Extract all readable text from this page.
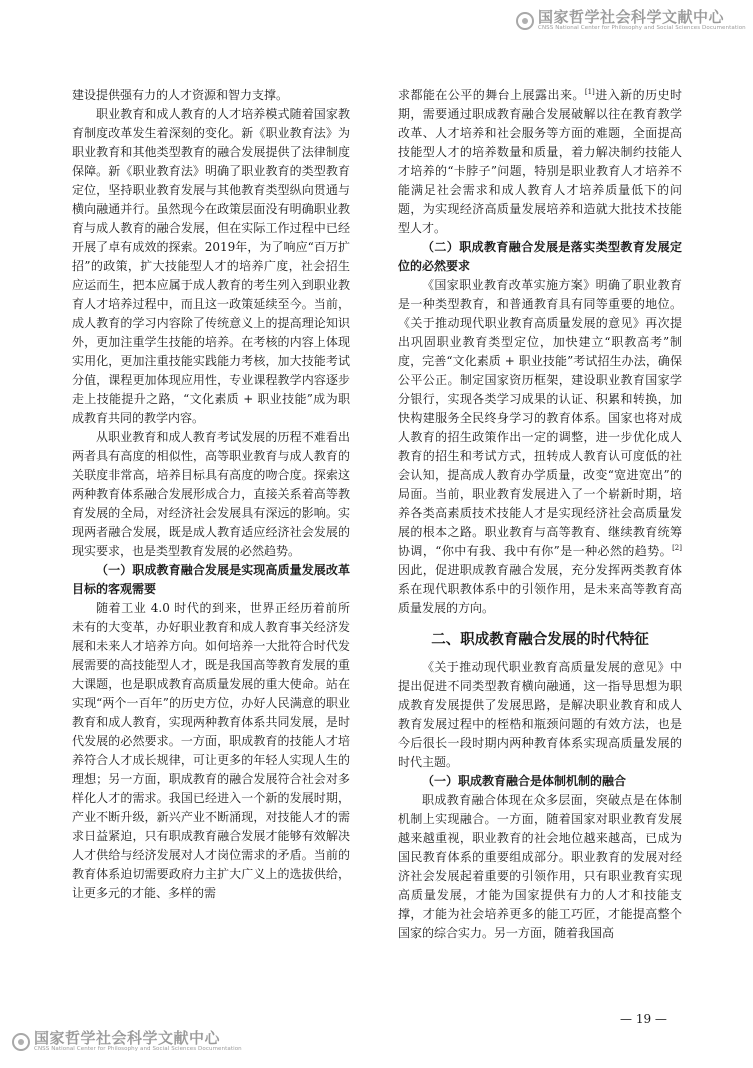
国家哲学社会科学文献中心
CNSS National Center for Philosophy and Social Sciences Documentation

建设提供强有力的人才资源和智力支撑。

职业教育和成人教育的人才培养模式随着国家教育制度改革发生着深刻的变化。新《职业教育法》为职业教育和其他类型教育的融合发展提供了法律制度保障。新《职业教育法》明确了职业教育的类型教育定位，坚持职业教育发展与其他教育类型纵向贯通与横向融通并行。虽然现今在政策层面没有明确职业教育与成人教育的融合发展，但在实际工作过程中已经开展了卓有成效的探索。2019年，为了响应“百万扩招”的政策，扩大技能型人才的培养广度，社会招生应运而生，把本应属于成人教育的考生列入到职业教育人才培养过程中，而且这一政策延续至今。当前，成人教育的学习内容除了传统意义上的提高理论知识外，更加注重学生技能的培养。在考核的内容上体现实用化，更加注重技能实践能力考核，加大技能考试分值，课程更加体现应用性，专业课程教学内容逐步走上技能提升之路，“文化素质 + 职业技能”成为职成教育共同的教学内容。

从职业教育和成人教育考试发展的历程不难看出两者具有高度的相似性，高等职业教育与成人教育的关联度非常高，培养目标具有高度的吻合度。探索这两种教育体系融合发展形成合力，直接关系着高等教育发展的全局，对经济社会发展具有深远的影响。实现两者融合发展，既是成人教育适应经济社会发展的现实要求，也是类型教育发展的必然趋势。

（一）职成教育融合发展是实现高质量发展改革目标的客观需要

随着工业 4.0 时代的到来，世界正经历着前所未有的大变革，办好职业教育和成人教育事关经济发展和未来人才培养方向。如何培养一大批符合时代发展需要的高技能型人才，既是我国高等教育发展的重大课题，也是职成教育高质量发展的重大使命。站在实现“两个一百年”的历史方位，办好人民满意的职业教育和成人教育，实现两种教育体系共同发展，是时代发展的必然要求。一方面，职成教育的技能人才培养符合人才成长规律，可让更多的年轻人实现人生的理想；另一方面，职成教育的融合发展符合社会对多样化人才的需求。我国已经进入一个新的发展时期，产业不断升级，新兴产业不断涌现，对技能人才的需求日益紧迫，只有职成教育融合发展才能够有效解决人才供给与经济发展对人才岗位需求的矛盾。当前的教育体系迫切需要政府力主扩大广义上的选拔供给，让更多元的才能、多样的需

求都能在公平的舞台上展露出来。[1]进入新的历史时期，需要通过职成教育融合发展破解以往在教育教学改革、人才培养和社会服务等方面的难题，全面提高技能型人才的培养数量和质量，着力解决制约技能人才培养的“卡脖子”问题，特别是职业教育人才培养不能满足社会需求和成人教育人才培养质量低下的问题，为实现经济高质量发展培养和造就大批技术技能型人才。

（二）职成教育融合发展是落实类型教育发展定位的必然要求

《国家职业教育改革实施方案》明确了职业教育是一种类型教育，和普通教育具有同等重要的地位。《关于推动现代职业教育高质量发展的意见》再次提出巩固职业教育类型定位，加快建立“职教高考”制度，完善“文化素质 + 职业技能”考试招生办法，确保公平公正。制定国家资历框架，建设职业教育国家学分银行，实现各类学习成果的认证、积累和转换，加快构建服务全民终身学习的教育体系。国家也将对成人教育的招生政策作出一定的调整，进一步优化成人教育的招生和考试方式，扭转成人教育认可度低的社会认知，提高成人教育办学质量，改变“宽进宽出”的局面。当前，职业教育发展进入了一个崭新时期，培养各类高素质技术技能人才是实现经济社会高质量发展的根本之路。职业教育与高等教育、继续教育统筹协调，“你中有我、我中有你”是一种必然的趋势。[2]因此，促进职成教育融合发展，充分发挥两类教育体系在现代职教体系中的引领作用，是未来高等教育高质量发展的方向。

二、职成教育融合发展的时代特征

《关于推动现代职业教育高质量发展的意见》中提出促进不同类型教育横向融通，这一指导思想为职成教育发展提供了发展思路，是解决职业教育和成人教育发展过程中的桎梏和瓶颈问题的有效方法，也是今后很长一段时期内两种教育体系实现高质量发展的时代主题。

（一）职成教育融合是体制机制的融合

职成教育融合体现在众多层面，突破点是在体制机制上实现融合。一方面，随着国家对职业教育发展越来越重视，职业教育的社会地位越来越高，已成为国民教育体系的重要组成部分。职业教育的发展对经济社会发展起着重要的引领作用，只有职业教育实现高质量发展，才能为国家提供有力的人才和技能支撑，才能为社会培养更多的能工巧匠，才能提高整个国家的综合实力。另一方面，随着我国高

— 19 —
国家哲学社会科学文献中心
CNSS National Center for Philosophy and Social Sciences Documentation
